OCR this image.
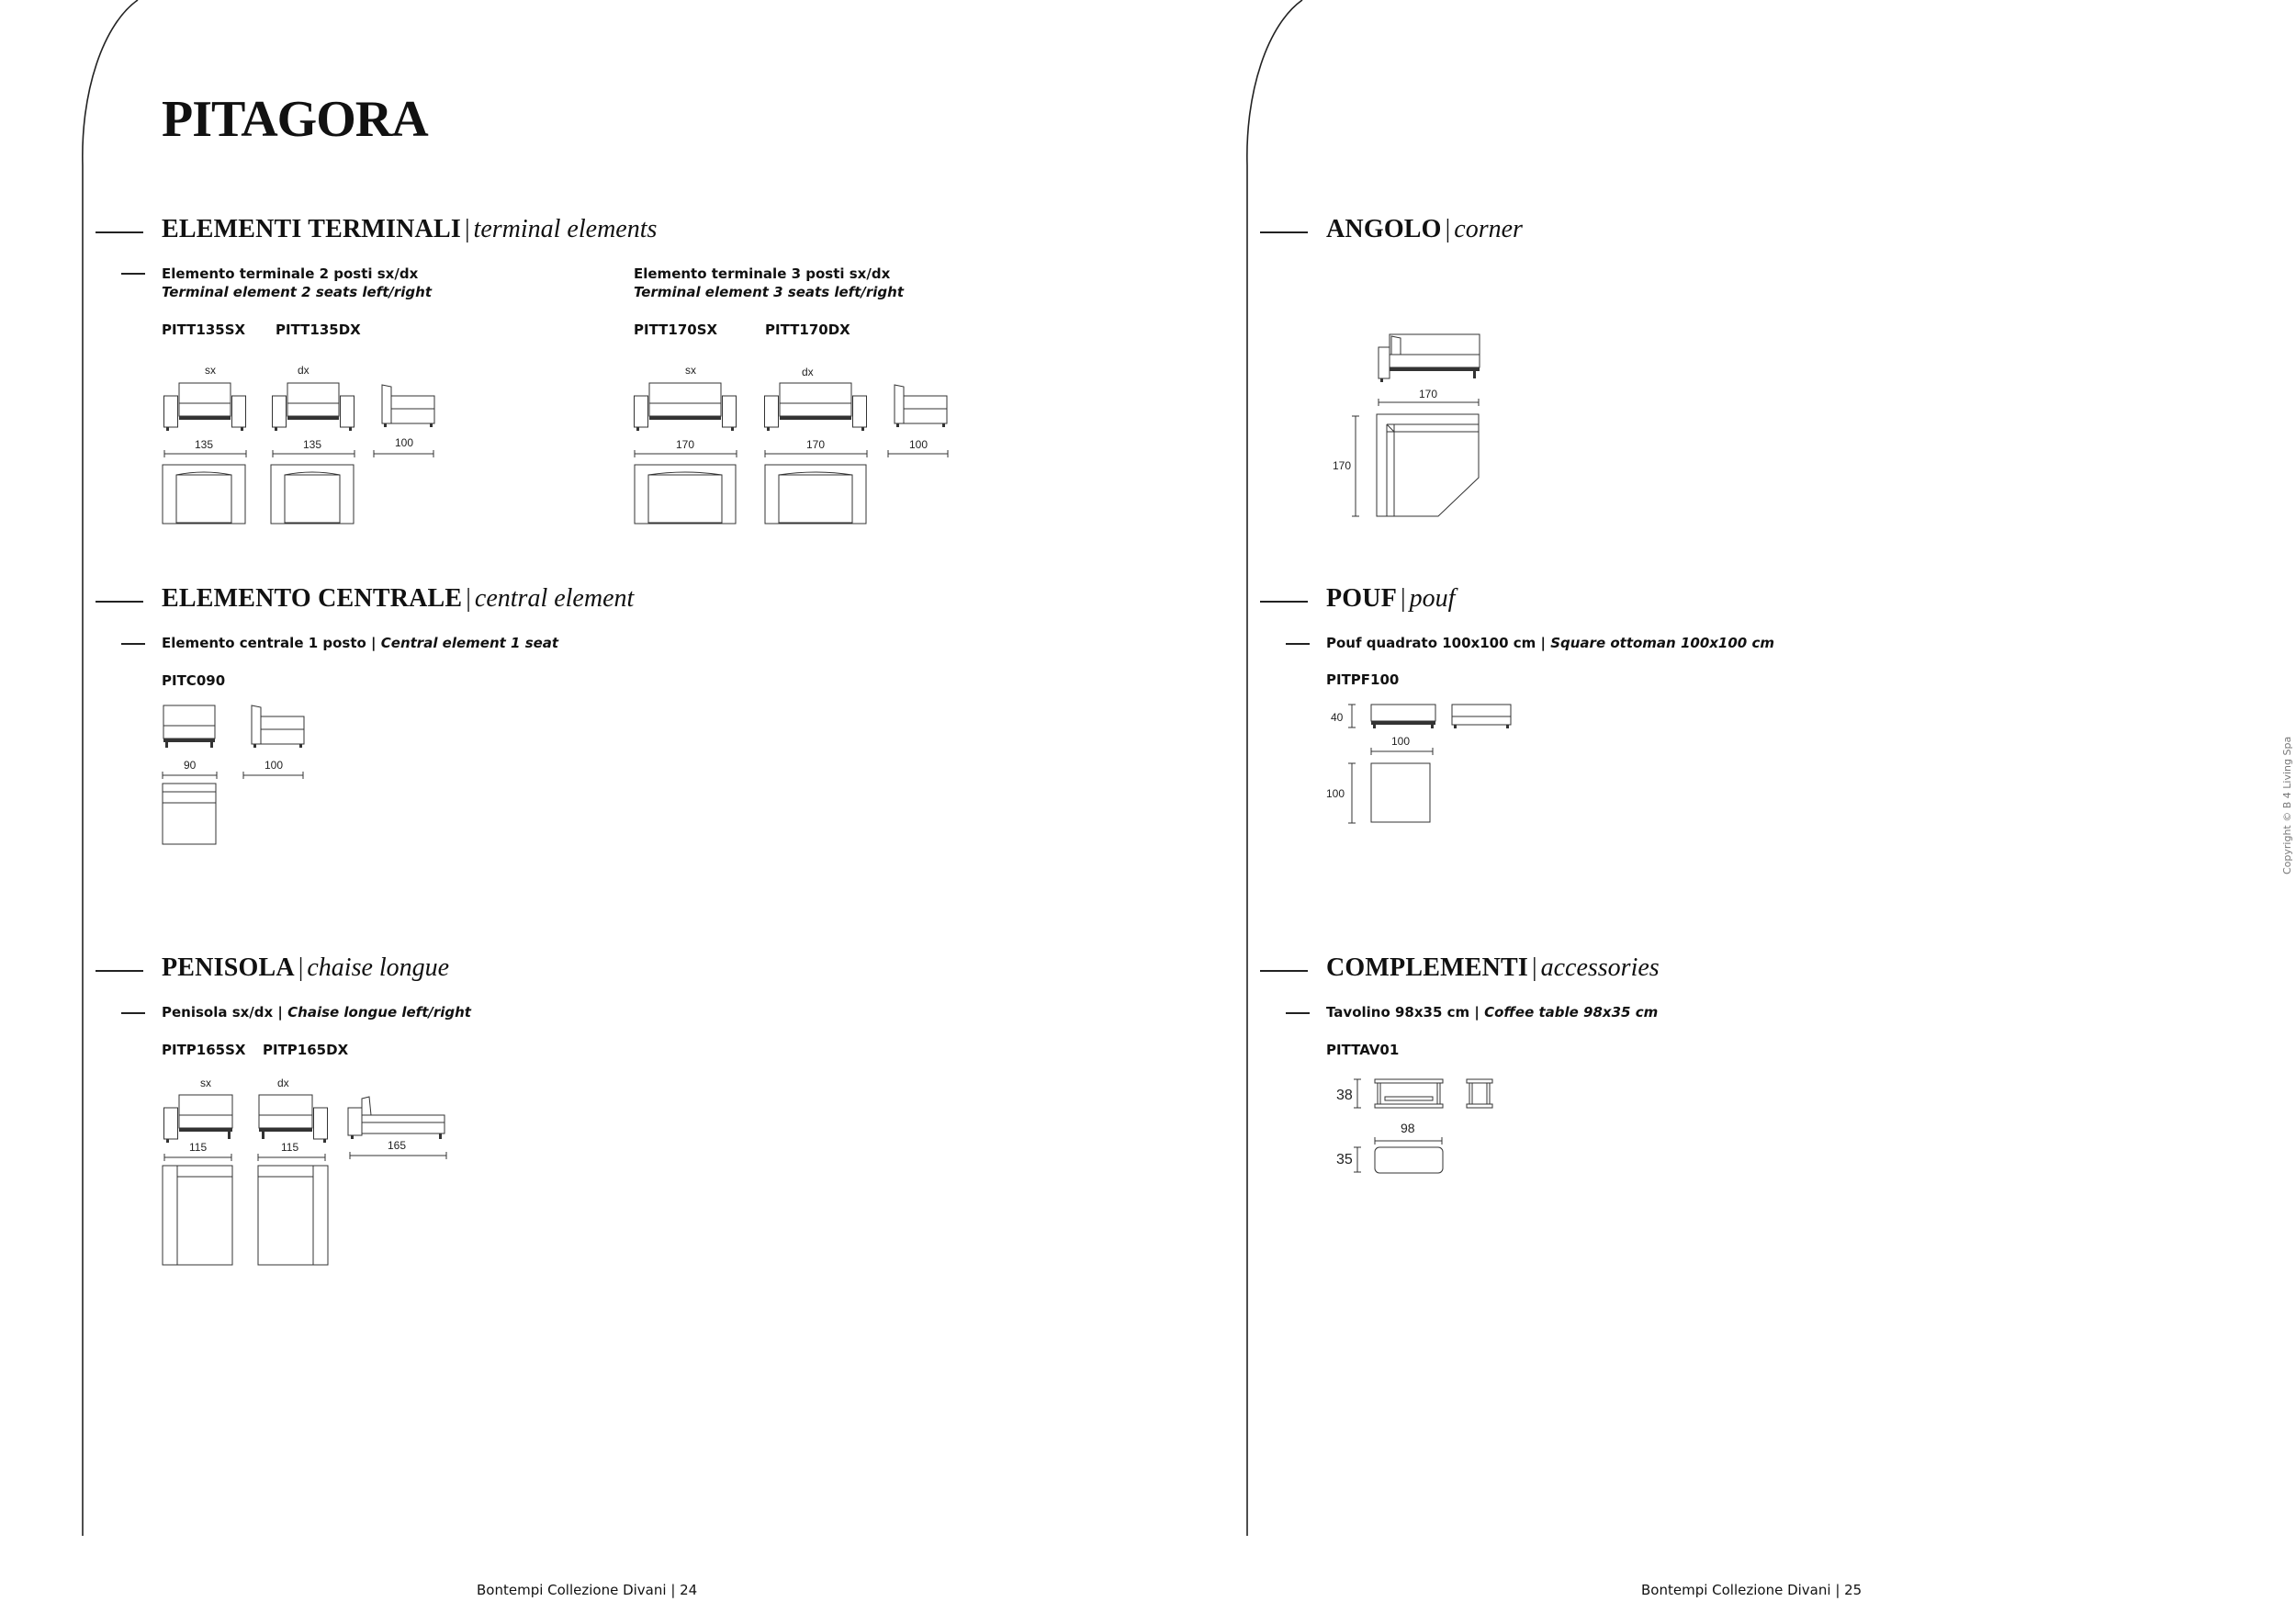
PITAGORA
ELEMENTI TERMINALI | terminal elements
Elemento terminale 2 posti sx/dx
Terminal element 2 seats left/right
PITT135SX PITT135DX
Elemento terminale 3 posti sx/dx
Terminal element 3 seats left/right
PITT170SX	PITT170DX
sx	dx
135	135	100
sx	dx
170	170	100
ELEMENTO CENTRALE | central element
Elemento centrale 1 posto | Central element 1 seat
PITC090
90	100
PENISOLA | chaise longue
Penisola sx/dx | Chaise longue left/right
PITP165SX PITP165DX
sx	dx
115	115	165
ANGOLO | corner
170
170
POUF | pouf
Pouf quadrato 100x100 cm | Square ottoman 100x100 cm
PITPF100
40
100
100
COMPLEMENTI | accessories
Tavolino 98x35 cm | Coffee table 98x35 cm
PITTAV01
38
98
35
Copyright © B 4 Living Spa
Bontempi Collezione Divani | 24	Bontempi Collezione Divani | 25
